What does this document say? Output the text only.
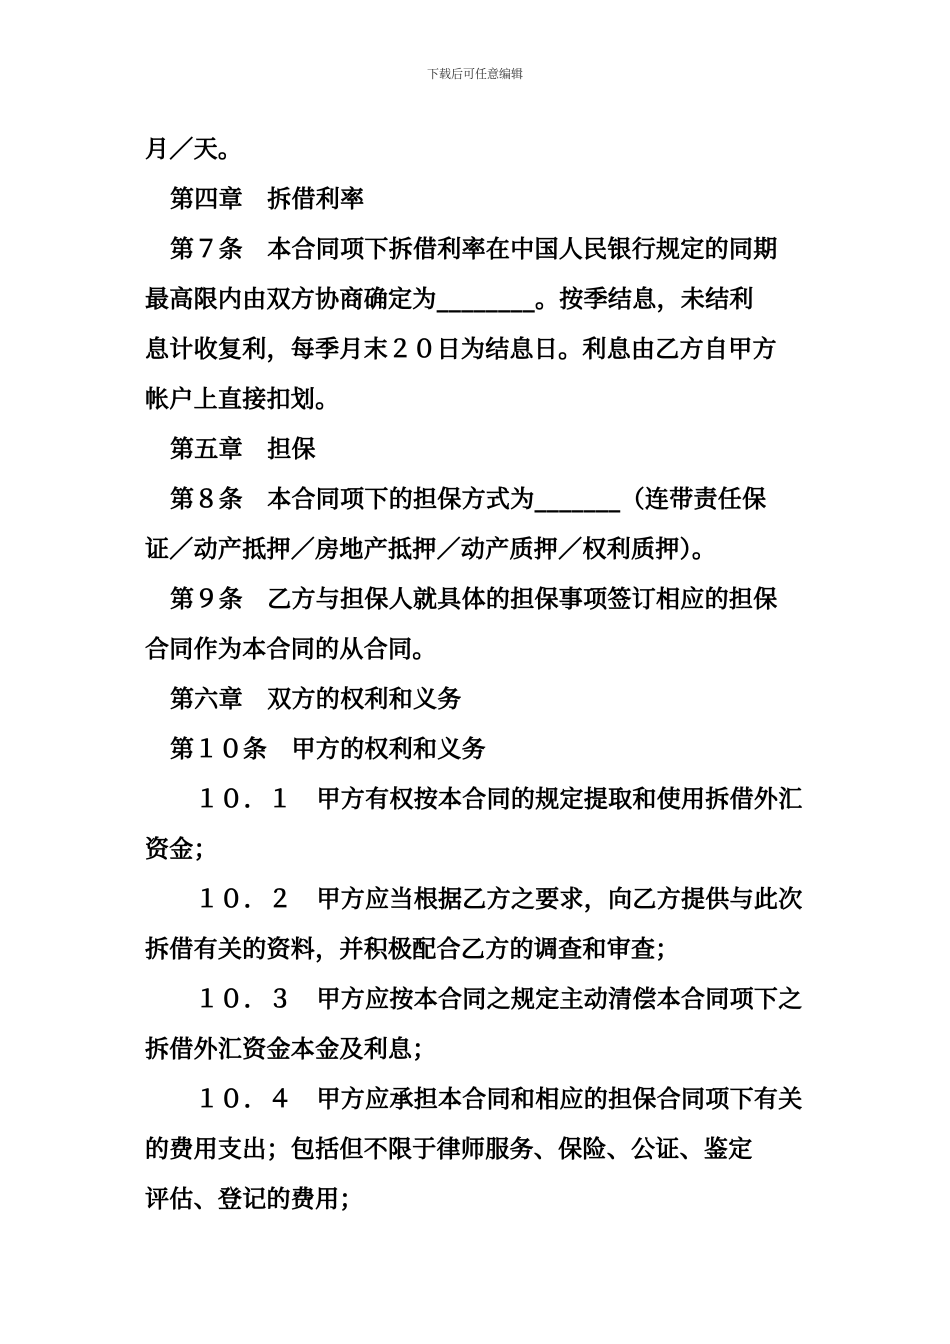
下载后可任意编辑
月／天。
第四章　拆借利率
第７条　本合同项下拆借利率在中国人民银行规定的同期
最高限内由双方协商确定为________。按季结息，未结利
息计收复利，每季月末２０日为结息日。利息由乙方自甲方
帐户上直接扣划。
第五章　担保
第８条　本合同项下的担保方式为_______（连带责任保
证／动产抵押／房地产抵押／动产质押／权利质押）。
第９条　乙方与担保人就具体的担保事项签订相应的担保
合同作为本合同的从合同。
第六章　双方的权利和义务
第１０条　甲方的权利和义务
１０．１　甲方有权按本合同的规定提取和使用拆借外汇
资金；
１０．２　甲方应当根据乙方之要求，向乙方提供与此次
拆借有关的资料，并积极配合乙方的调查和审查；
１０．３　甲方应按本合同之规定主动清偿本合同项下之
拆借外汇资金本金及利息；
１０．４　甲方应承担本合同和相应的担保合同项下有关
的费用支出；包括但不限于律师服务、保险、公证、鉴定
评估、登记的费用；
